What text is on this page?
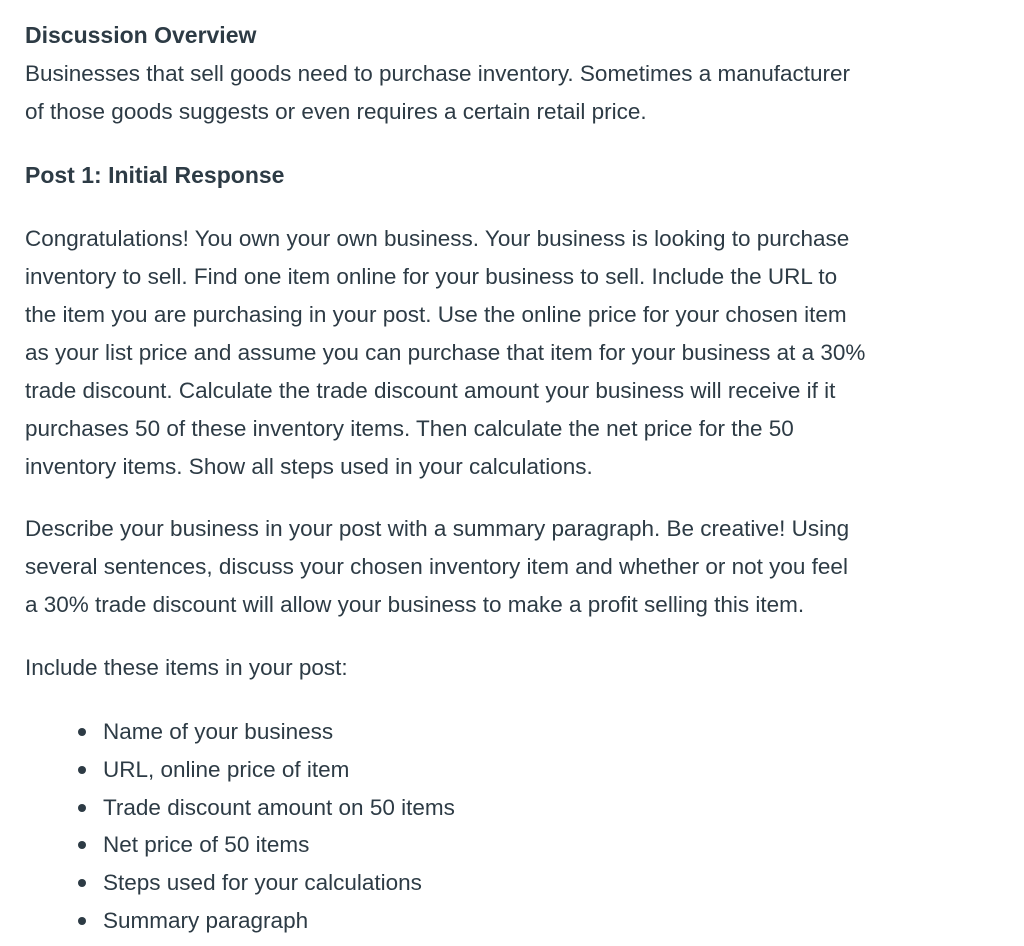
Discussion Overview
Businesses that sell goods need to purchase inventory. Sometimes a manufacturer
of those goods suggests or even requires a certain retail price.
Post 1: Initial Response
Congratulations! You own your own business. Your business is looking to purchase
inventory to sell. Find one item online for your business to sell. Include the URL to
the item you are purchasing in your post. Use the online price for your chosen item
as your list price and assume you can purchase that item for your business at a 30%
trade discount. Calculate the trade discount amount your business will receive if it
purchases 50 of these inventory items. Then calculate the net price for the 50
inventory items. Show all steps used in your calculations.
Describe your business in your post with a summary paragraph. Be creative! Using
several sentences, discuss your chosen inventory item and whether or not you feel
a 30% trade discount will allow your business to make a profit selling this item.
Include these items in your post:
Name of your business
URL, online price of item
Trade discount amount on 50 items
Net price of 50 items
Steps used for your calculations
Summary paragraph
